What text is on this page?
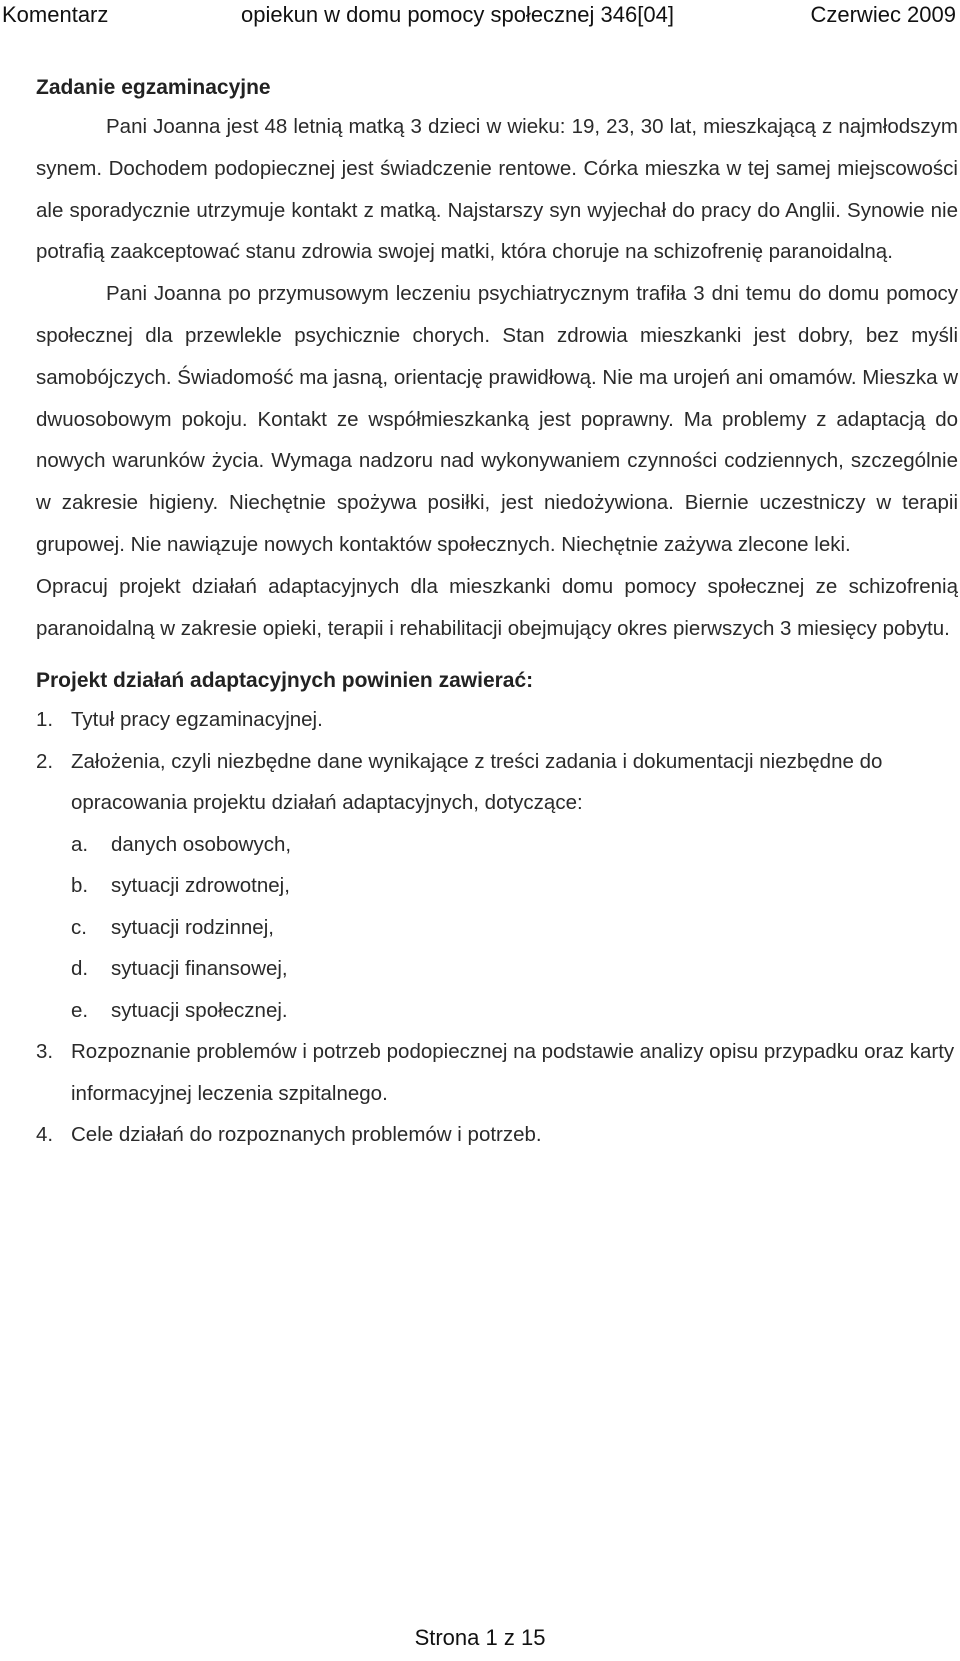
Komentarz	opiekun w domu pomocy społecznej 346[04]	Czerwiec 2009
Zadanie egzaminacyjne

Pani Joanna jest 48 letnią matką 3 dzieci w wieku: 19, 23, 30 lat, mieszkającą z najmłodszym synem. Dochodem podopiecznej jest świadczenie rentowe. Córka mieszka w tej samej miejscowości ale sporadycznie utrzymuje kontakt z matką. Najstarszy syn wyjechał do pracy do Anglii. Synowie nie potrafią zaakceptować stanu zdrowia swojej matki, która choruje na schizofrenię paranoidalną.

Pani Joanna po przymusowym leczeniu psychiatrycznym trafiła 3 dni temu do domu pomocy społecznej dla przewlekle psychicznie chorych. Stan zdrowia mieszkanki jest dobry, bez myśli samobójczych. Świadomość ma jasną, orientację prawidłową. Nie ma urojeń ani omamów. Mieszka w dwuosobowym pokoju. Kontakt ze współmieszkanką jest poprawny. Ma problemy z adaptacją do nowych warunków życia. Wymaga nadzoru nad wykonywaniem czynności codziennych, szczególnie w zakresie higieny. Niechętnie spożywa posiłki, jest niedożywiona. Biernie uczestniczy w terapii grupowej. Nie nawiązuje nowych kontaktów społecznych. Niechętnie zażywa zlecone leki.

Opracuj projekt działań adaptacyjnych dla mieszkanki domu pomocy społecznej ze schizofrenią paranoidalną w zakresie opieki, terapii i rehabilitacji obejmujący okres pierwszych 3 miesięcy pobytu.

Projekt działań adaptacyjnych powinien zawierać:
1. Tytuł pracy egzaminacyjnej.
2. Założenia, czyli niezbędne dane wynikające z treści zadania i dokumentacji niezbędne do opracowania projektu działań adaptacyjnych, dotyczące:
a. danych osobowych,
b. sytuacji zdrowotnej,
c. sytuacji rodzinnej,
d. sytuacji finansowej,
e. sytuacji społecznej.
3. Rozpoznanie problemów i potrzeb podopiecznej na podstawie analizy opisu przypadku oraz karty informacyjnej leczenia szpitalnego.
4. Cele działań do rozpoznanych problemów i potrzeb.
Strona 1 z 15
